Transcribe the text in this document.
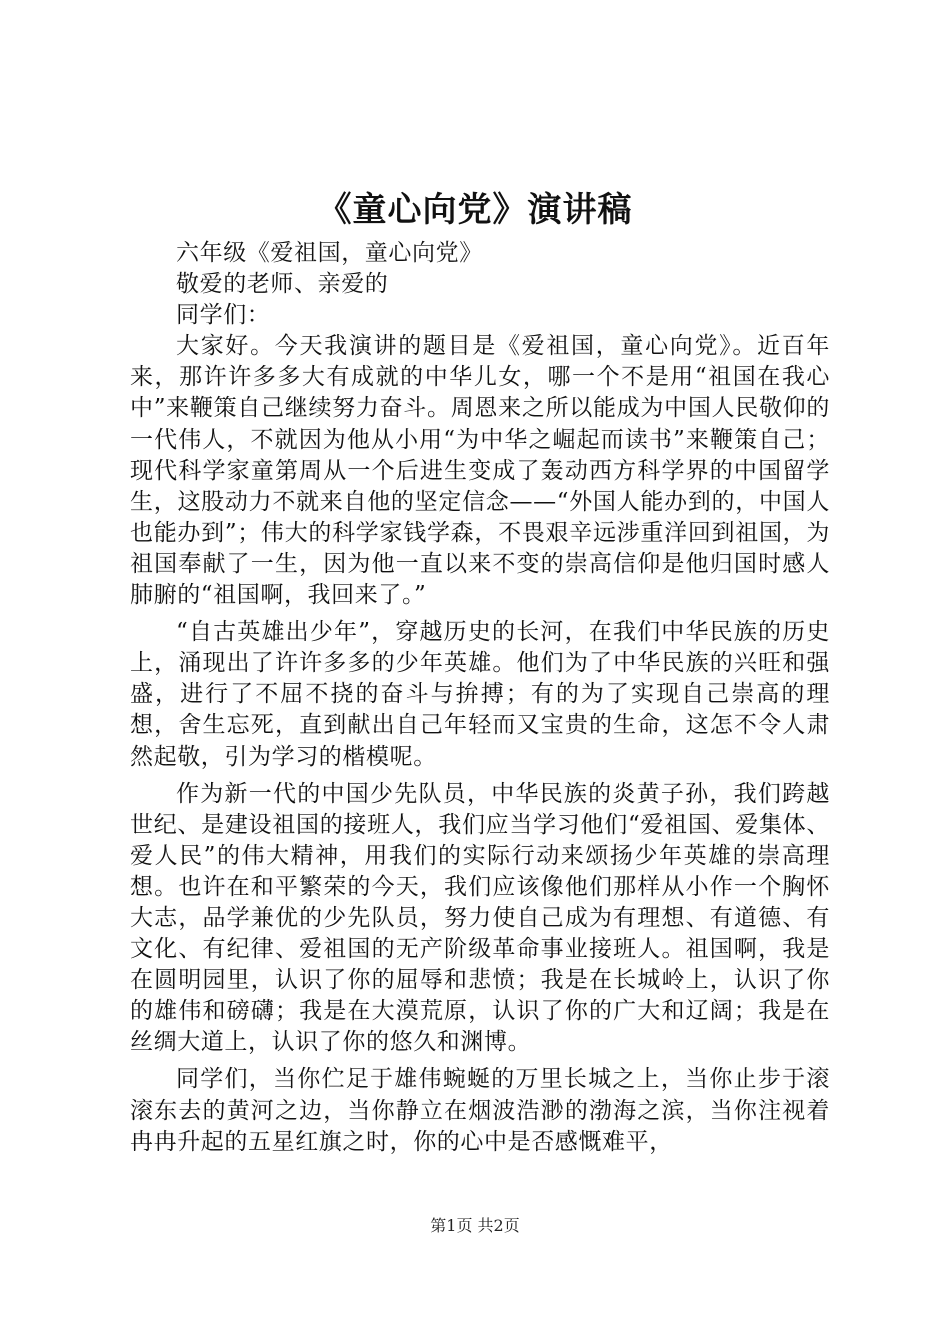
《童心向党》演讲稿

六年级《爱祖国，童心向党》

敬爱的老师、亲爱的

同学们：

大家好。今天我演讲的题目是《爱祖国，童心向党》。近百年来，那许许多多大有成就的中华儿女，哪一个不是用“祖国在我心中”来鞭策自己继续努力奋斗。周恩来之所以能成为中国人民敬仰的一代伟人，不就因为他从小用“为中华之崛起而读书”来鞭策自己；现代科学家童第周从一个后进生变成了轰动西方科学界的中国留学生，这股动力不就来自他的坚定信念——“外国人能办到的，中国人也能办到”；伟大的科学家钱学森，不畏艰辛远涉重洋回到祖国，为祖国奉献了一生，因为他一直以来不变的崇高信仰是他归国时感人肺腑的“祖国啊，我回来了。”

“自古英雄出少年”，穿越历史的长河，在我们中华民族的历史上，涌现出了许许多多的少年英雄。他们为了中华民族的兴旺和强盛，进行了不屈不挠的奋斗与拚搏；有的为了实现自己崇高的理想，舍生忘死，直到献出自己年轻而又宝贵的生命，这怎不令人肃然起敬，引为学习的楷模呢。

作为新一代的中国少先队员，中华民族的炎黄子孙，我们跨越世纪、是建设祖国的接班人，我们应当学习他们“爱祖国、爱集体、爱人民”的伟大精神，用我们的实际行动来颂扬少年英雄的崇高理想。也许在和平繁荣的今天，我们应该像他们那样从小作一个胸怀大志，品学兼优的少先队员，努力使自己成为有理想、有道德、有文化、有纪律、爱祖国的无产阶级革命事业接班人。祖国啊，我是在圆明园里，认识了你的屈辱和悲愤；我是在长城岭上，认识了你的雄伟和磅礴；我是在大漠荒原，认识了你的广大和辽阔；我是在丝绸大道上，认识了你的悠久和渊博。

同学们，当你伫足于雄伟蜿蜒的万里长城之上，当你止步于滚滚东去的黄河之边，当你静立在烟波浩渺的渤海之滨，当你注视着冉冉升起的五星红旗之时，你的心中是否感慨难平，

第1页 共2页
